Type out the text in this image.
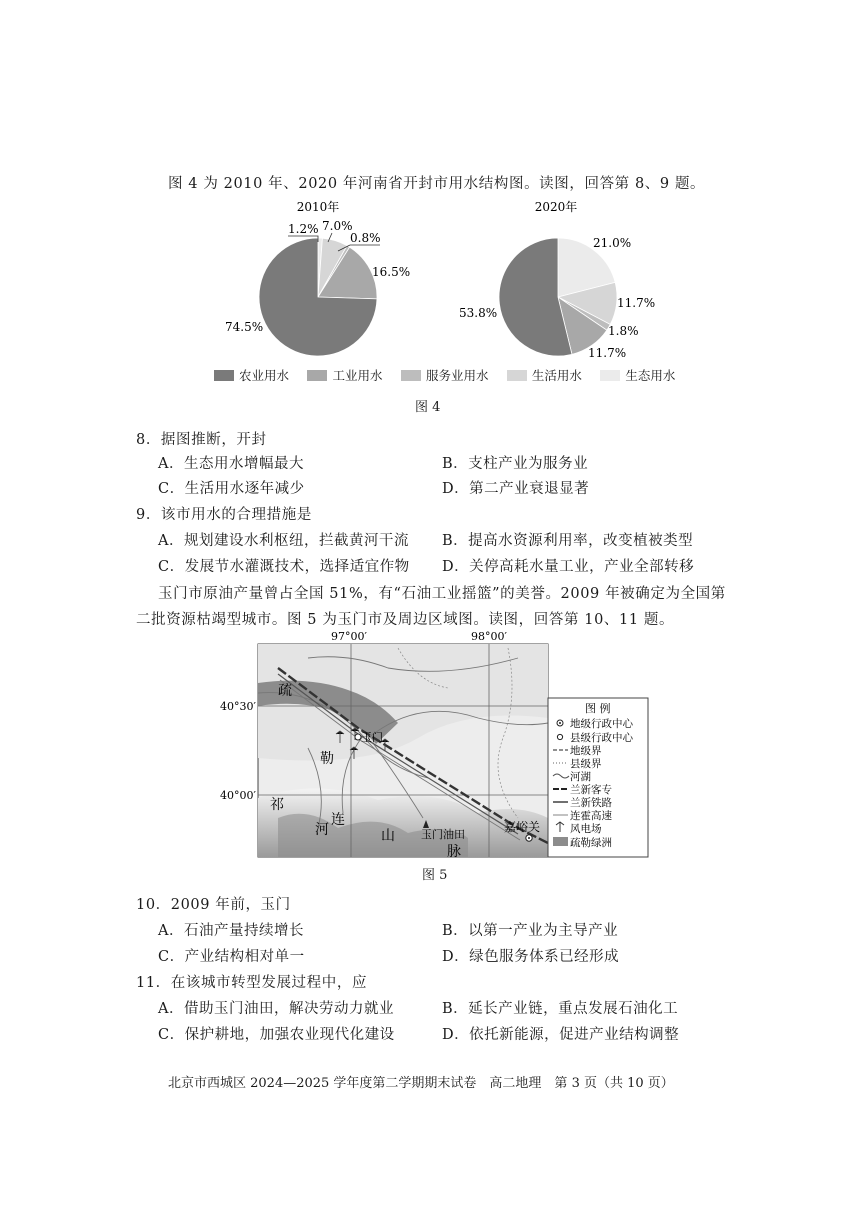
图 4 为 2010 年、2020 年河南省开封市用水结构图。读图，回答第 8、9 题。
2010年	2020年
74.5%
16.5%
0.8%
7.0%
1.2%
53.8%
11.7%
1.8%
11.7%
21.0%
农业用水
	工业用水
	服务业用水
	生活用水
	生态用水
图 4
8．据图推断，开封
A．生态用水增幅最大	B．支柱产业为服务业
C．生活用水逐年减少	D．第二产业衰退显著
9．该市用水的合理措施是
A．规划建设水利枢纽，拦截黄河干流 B．提高水资源利用率，改变植被类型
C．发展节水灌溉技术，选择适宜作物 D．关停高耗水量工业，产业全部转移
玉门市原油产量曾占全国 51%，有“石油工业摇篮”的美誉。2009 年被确定为全国第
二批资源枯竭型城市。图 5 为玉门市及周边区域图。读图，回答第 10、11 题。
97°00′	98°00′
40°30′
40°00′
疏
勒
河
祁
连
山
脉
玉门
玉门油田
嘉峪关
图 例
地级行政中心
县级行政中心
地级界
县级界
河湖
兰新客专
兰新铁路
连霍高速
风电场
疏勒绿洲
图 5
10．2009 年前，玉门
A．石油产量持续增长	B．以第一产业为主导产业
C．产业结构相对单一	D．绿色服务体系已经形成
11．在该城市转型发展过程中，应
A．借助玉门油田，解决劳动力就业	B．延长产业链，重点发展石油化工
C．保护耕地，加强农业现代化建设	D．依托新能源，促进产业结构调整
北京市西城区 2024—2025 学年度第二学期期末试卷　高二地理　第 3 页（共 10 页）
